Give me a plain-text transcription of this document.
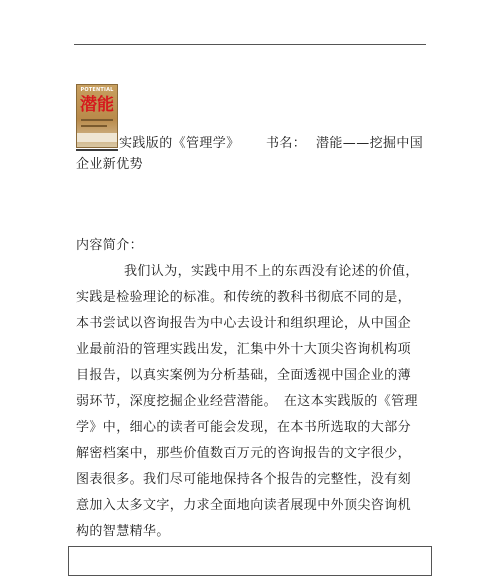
POTENTIAL
潜能
实践版的《管理学》 书名： 潜能——挖掘中国
企业新优势
内容简介：
我们认为，实践中用不上的东西没有论述的价值，
实践是检验理论的标准。和传统的教科书彻底不同的是，
本书尝试以咨询报告为中心去设计和组织理论，从中国企
业最前沿的管理实践出发，汇集中外十大顶尖咨询机构项
目报告，以真实案例为分析基础，全面透视中国企业的薄
弱环节，深度挖掘企业经营潜能。　在这本实践版的《管理
学》中，细心的读者可能会发现，在本书所选取的大部分
解密档案中，那些价值数百万元的咨询报告的文字很少，
图表很多。我们尽可能地保持各个报告的完整性，没有刻
意加入太多文字，力求全面地向读者展现中外顶尖咨询机
构的智慧精华。
